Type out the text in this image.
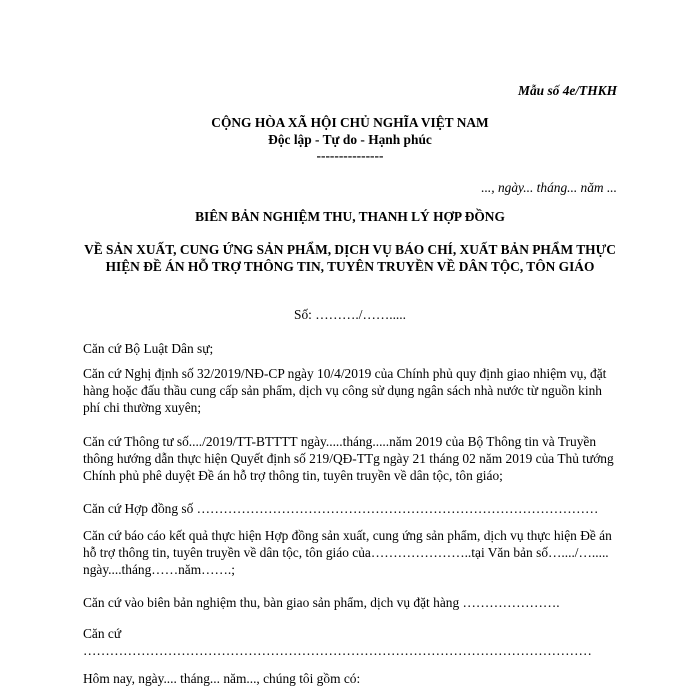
Mẫu số 4e/THKH
CỘNG HÒA XÃ HỘI CHỦ NGHĨA VIỆT NAM
Độc lập - Tự do - Hạnh phúc
---------------
..., ngày... tháng... năm ...
BIÊN BẢN NGHIỆM THU, THANH LÝ HỢP ĐỒNG
VỀ SẢN XUẤT, CUNG ỨNG SẢN PHẨM, DỊCH VỤ BÁO CHÍ, XUẤT BẢN PHẨM THỰC HIỆN ĐỀ ÁN HỖ TRỢ THÔNG TIN, TUYÊN TRUYỀN VỀ DÂN TỘC, TÔN GIÁO
Số: ………./…….....
Căn cứ Bộ Luật Dân sự;
Căn cứ Nghị định số 32/2019/NĐ-CP ngày 10/4/2019 của Chính phủ quy định giao nhiệm vụ, đặt hàng hoặc đấu thầu cung cấp sản phẩm, dịch vụ công sử dụng ngân sách nhà nước từ nguồn kinh phí chi thường xuyên;
Căn cứ Thông tư số..../2019/TT-BTTTT ngày.....tháng.....năm 2019 của Bộ Thông tin và Truyền thông hướng dẫn thực hiện Quyết định số 219/QĐ-TTg ngày 21 tháng 02 năm 2019 của Thủ tướng Chính phủ phê duyệt Đề án hỗ trợ thông tin, tuyên truyền về dân tộc, tôn giáo;
Căn cứ Hợp đồng số ………………………………………………………………………………
Căn cứ báo cáo kết quả thực hiện Hợp đồng sản xuất, cung ứng sản phẩm, dịch vụ thực hiện Đề án hỗ trợ thông tin, tuyên truyền về dân tộc, tôn giáo của…………………..tại Văn bản số…..../…..... ngày....tháng……năm…….;
Căn cứ vào biên bản nghiệm thu, bàn giao sản phẩm, dịch vụ đặt hàng ………………….
Căn cứ ……………………………………………………………………………………………………
Hôm nay, ngày.... tháng... năm..., chúng tôi gồm có:
